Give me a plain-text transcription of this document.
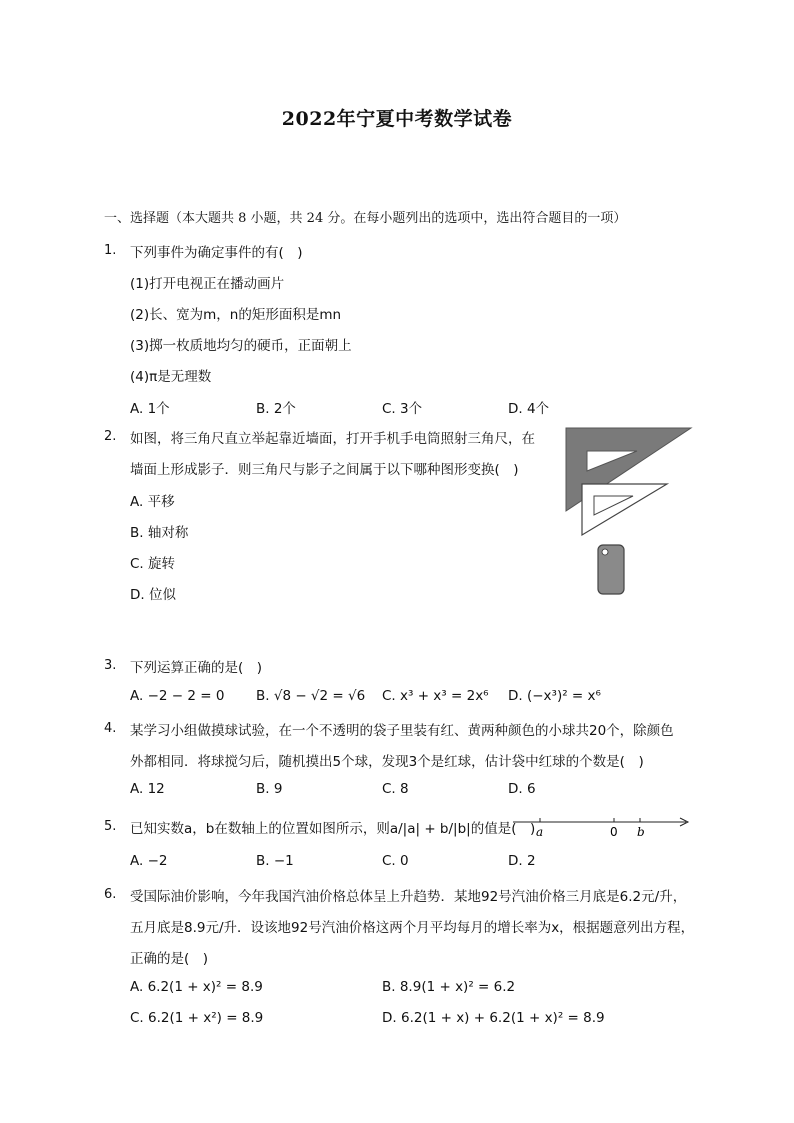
2022年宁夏中考数学试卷
一、选择题（本大题共 8 小题，共 24 分。在每小题列出的选项中，选出符合题目的一项）
1. 下列事件为确定事件的有(　)
(1)打开电视正在播动画片
(2)长、宽为m，n的矩形面积是mn
(3)掷一枚质地均匀的硬币，正面朝上
(4)π是无理数
A. 1个	B. 2个	C. 3个	D. 4个
2. 如图，将三角尺直立举起靠近墙面，打开手机手电筒照射三角尺，在
墙面上形成影子．则三角尺与影子之间属于以下哪种图形变换(　)
A. 平移
B. 轴对称
C. 旋转
D. 位似
3. 下列运算正确的是(　)
A. −2 − 2 = 0 B. √8 − √2 = √6 C. x³ + x³ = 2x⁶ D. (−x³)² = x⁶
4. 某学习小组做摸球试验，在一个不透明的袋子里装有红、黄两种颜色的小球共20个，除颜色
外都相同．将球搅匀后，随机摸出5个球，发现3个是红球，估计袋中红球的个数是(　)
A. 12	B. 9	C. 8	D. 6
5. 已知实数a，b在数轴上的位置如图所示，则a/|a| + b/|b|的值是(　) a	0 b
A. −2	B. −1	C. 0	D. 2
6. 受国际油价影响，今年我国汽油价格总体呈上升趋势．某地92号汽油价格三月底是6.2元/升，
五月底是8.9元/升．设该地92号汽油价格这两个月平均每月的增长率为x，根据题意列出方程，
正确的是(　)
A. 6.2(1 + x)² = 8.9	B. 8.9(1 + x)² = 6.2
C. 6.2(1 + x²) = 8.9	D. 6.2(1 + x) + 6.2(1 + x)² = 8.9
